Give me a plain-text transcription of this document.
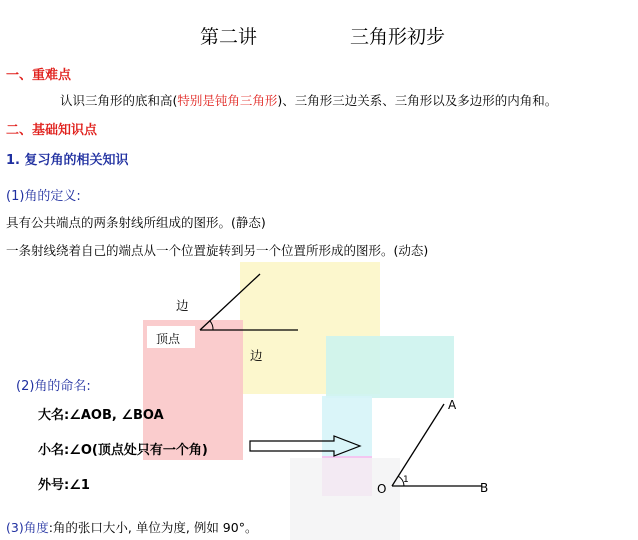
第二讲	三角形初步
一、重难点
认识三角形的底和高(特别是钝角三角形)、三角形三边关系、三角形以及多边形的内角和。
二、基础知识点
1. 复习角的相关知识
(1)角的定义:
具有公共端点的两条射线所组成的图形。(静态)
一条射线绕着自己的端点从一个位置旋转到另一个位置所形成的图形。(动态)
边
顶点
边
(2)角的命名:
大名:∠AOB, ∠BOA
小名:∠O(顶点处只有一个角)
外号:∠1
A
O	B
1
(3)角度:角的张口大小, 单位为度, 例如 90°。
